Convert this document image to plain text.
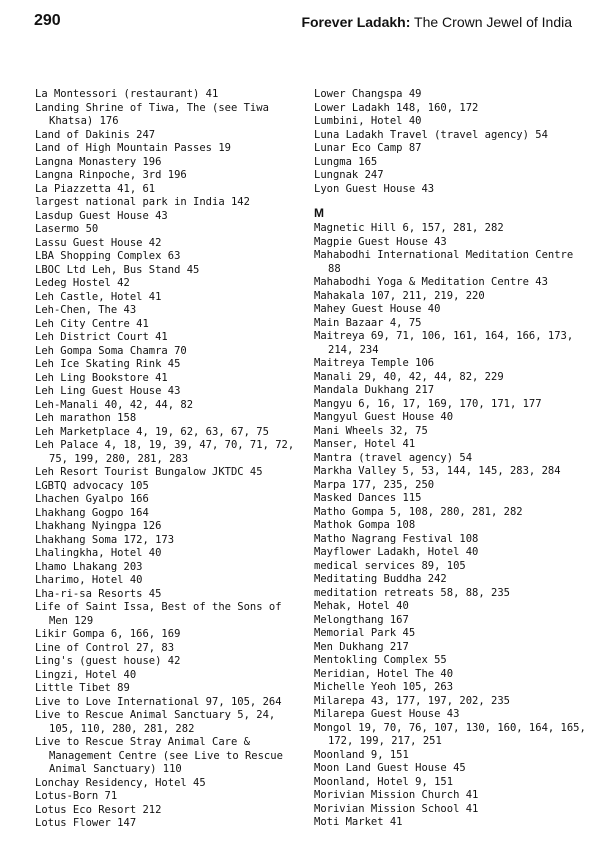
290	Forever Ladakh: The Crown Jewel of India
La Montessori (restaurant) 41
Landing Shrine of Tiwa, The (see Tiwa Khatsa) 176
Land of Dakinis 247
Land of High Mountain Passes 19
Langna Monastery 196
Langna Rinpoche, 3rd 196
La Piazzetta 41, 61
largest national park in India 142
Lasdup Guest House 43
Lasermo 50
Lassu Guest House 42
LBA Shopping Complex 63
LBOC Ltd Leh, Bus Stand 45
Ledeg Hostel 42
Leh Castle, Hotel 41
Leh-Chen, The 43
Leh City Centre 41
Leh District Court 41
Leh Gompa Soma Chamra 70
Leh Ice Skating Rink 45
Leh Ling Bookstore 41
Leh Ling Guest House 43
Leh-Manali 40, 42, 44, 82
Leh marathon 158
Leh Marketplace 4, 19, 62, 63, 67, 75
Leh Palace 4, 18, 19, 39, 47, 70, 71, 72, 75, 199, 280, 281, 283
Leh Resort Tourist Bungalow JKTDC 45
LGBTQ advocacy 105
Lhachen Gyalpo 166
Lhakhang Gogpo 164
Lhakhang Nyingpa 126
Lhakhang Soma 172, 173
Lhalingkha, Hotel 40
Lhamo Lhakang 203
Lharimo, Hotel 40
Lha-ri-sa Resorts 45
Life of Saint Issa, Best of the Sons of Men 129
Likir Gompa 6, 166, 169
Line of Control 27, 83
Ling's (guest house) 42
Lingzi, Hotel 40
Little Tibet 89
Live to Love International 97, 105, 264
Live to Rescue Animal Sanctuary 5, 24, 105, 110, 280, 281, 282
Live to Rescue Stray Animal Care & Management Centre (see Live to Rescue Animal Sanctuary) 110
Lonchay Residency, Hotel 45
Lotus-Born 71
Lotus Eco Resort 212
Lotus Flower 147
Lower Changspa 49
Lower Ladakh 148, 160, 172
Lumbini, Hotel 40
Luna Ladakh Travel (travel agency) 54
Lunar Eco Camp 87
Lungma 165
Lungnak 247
Lyon Guest House 43
M
Magnetic Hill 6, 157, 281, 282
Magpie Guest House 43
Mahabodhi International Meditation Centre 88
Mahabodhi Yoga & Meditation Centre 43
Mahakala 107, 211, 219, 220
Mahey Guest House 40
Main Bazaar 4, 75
Maitreya 69, 71, 106, 161, 164, 166, 173, 214, 234
Maitreya Temple 106
Manali 29, 40, 42, 44, 82, 229
Mandala Dukhang 217
Mangyu 6, 16, 17, 169, 170, 171, 177
Mangyul Guest House 40
Mani Wheels 32, 75
Manser, Hotel 41
Mantra (travel agency) 54
Markha Valley 5, 53, 144, 145, 283, 284
Marpa 177, 235, 250
Masked Dances 115
Matho Gompa 5, 108, 280, 281, 282
Mathok Gompa 108
Matho Nagrang Festival 108
Mayflower Ladakh, Hotel 40
medical services 89, 105
Meditating Buddha 242
meditation retreats 58, 88, 235
Mehak, Hotel 40
Melongthang 167
Memorial Park 45
Men Dukhang 217
Mentokling Complex 55
Meridian, Hotel The 40
Michelle Yeoh 105, 263
Milarepa 43, 177, 197, 202, 235
Milarepa Guest House 43
Mongol 19, 70, 76, 107, 130, 160, 164, 165, 172, 199, 217, 251
Moonland 9, 151
Moon Land Guest House 45
Moonland, Hotel 9, 151
Morivian Mission Church 41
Morivian Mission School 41
Moti Market 41
